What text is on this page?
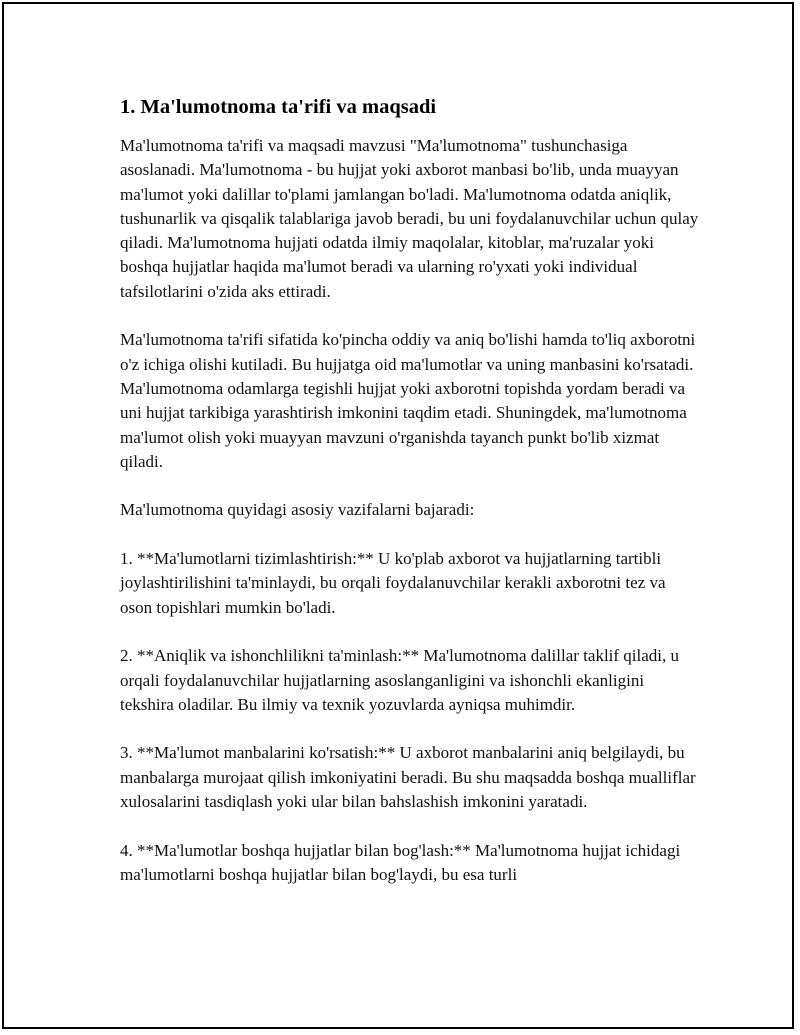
1. Ma'lumotnoma ta'rifi va maqsadi

Ma'lumotnoma ta'rifi va maqsadi mavzusi "Ma'lumotnoma" tushunchasiga asoslanadi. Ma'lumotnoma - bu hujjat yoki axborot manbasi bo'lib, unda muayyan ma'lumot yoki dalillar to'plami jamlangan bo'ladi. Ma'lumotnoma odatda aniqlik, tushunarlik va qisqalik talablariga javob beradi, bu uni foydalanuvchilar uchun qulay qiladi. Ma'lumotnoma hujjati odatda ilmiy maqolalar, kitoblar, ma'ruzalar yoki boshqa hujjatlar haqida ma'lumot beradi va ularning ro'yxati yoki individual tafsilotlarini o'zida aks ettiradi.

Ma'lumotnoma ta'rifi sifatida ko'pincha oddiy va aniq bo'lishi hamda to'liq axborotni o'z ichiga olishi kutiladi. Bu hujjatga oid ma'lumotlar va uning manbasini ko'rsatadi. Ma'lumotnoma odamlarga tegishli hujjat yoki axborotni topishda yordam beradi va uni hujjat tarkibiga yarashtirish imkonini taqdim etadi. Shuningdek, ma'lumotnoma ma'lumot olish yoki muayyan mavzuni o'rganishda tayanch punkt bo'lib xizmat qiladi.

Ma'lumotnoma quyidagi asosiy vazifalarni bajaradi:

1. **Ma'lumotlarni tizimlashtirish:** U ko'plab axborot va hujjatlarning tartibli joylashtirilishini ta'minlaydi, bu orqali foydalanuvchilar kerakli axborotni tez va oson topishlari mumkin bo'ladi.

2. **Aniqlik va ishonchlilikni ta'minlash:** Ma'lumotnoma dalillar taklif qiladi, u orqali foydalanuvchilar hujjatlarning asoslanganligini va ishonchli ekanligini tekshira oladilar. Bu ilmiy va texnik yozuvlarda ayniqsa muhimdir.

3. **Ma'lumot manbalarini ko'rsatish:** U axborot manbalarini aniq belgilaydi, bu manbalarga murojaat qilish imkoniyatini beradi. Bu shu maqsadda boshqa mualliflar xulosalarini tasdiqlash yoki ular bilan bahslashish imkonini yaratadi.

4. **Ma'lumotlar boshqa hujjatlar bilan bog'lash:** Ma'lumotnoma hujjat ichidagi ma'lumotlarni boshqa hujjatlar bilan bog'laydi, bu esa turli
